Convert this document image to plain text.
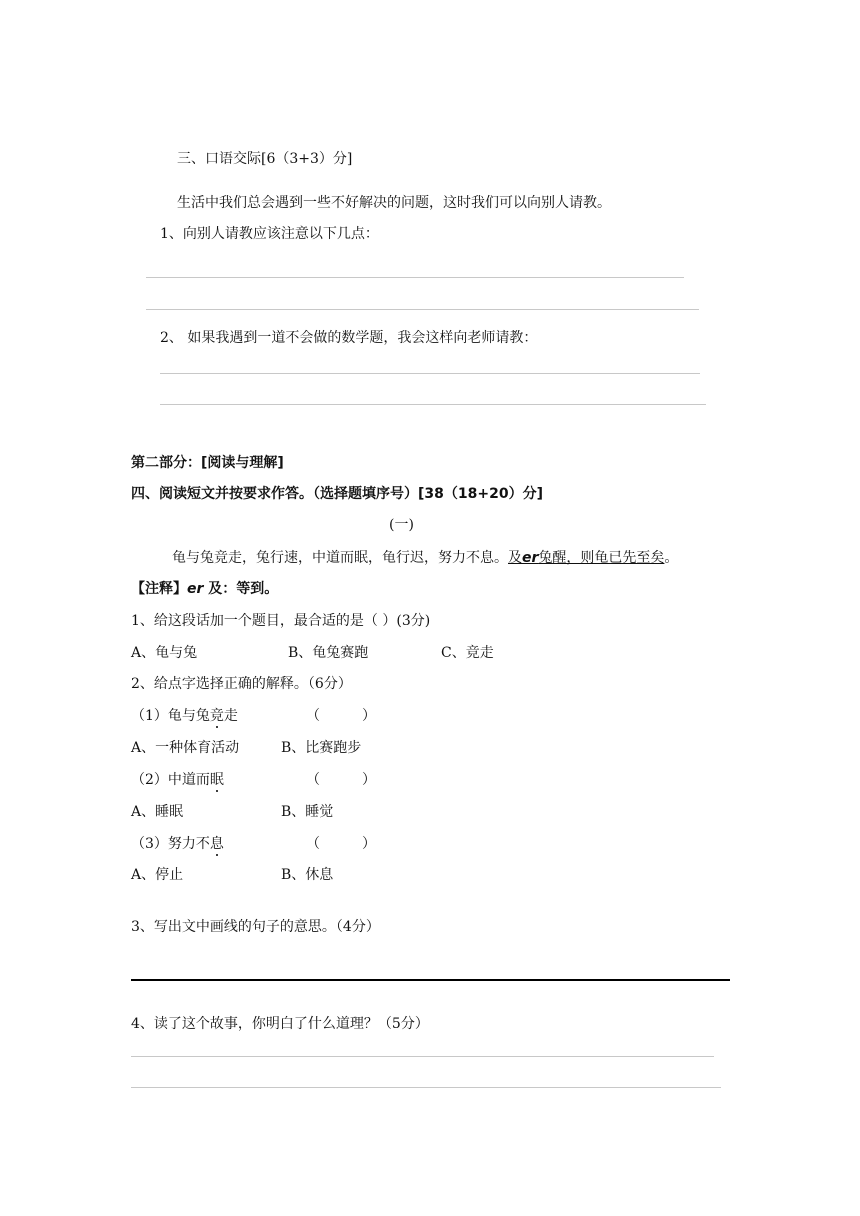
三、口语交际[6（3+3）分]
生活中我们总会遇到一些不好解决的问题，这时我们可以向别人请教。
1、向别人请教应该注意以下几点：
2、 如果我遇到一道不会做的数学题，我会这样向老师请教：
第二部分：[阅读与理解]
四、阅读短文并按要求作答。（选择题填序号）[38（18+20）分]
(一)
龟与兔竞走，兔行速，中道而眠，龟行迟，努力不息。及er兔醒，则龟已先至矣。
【注释】er 及：等到。
1、给这段话加一个题目，最合适的是（ ）(3分)
A、龟与兔	B、龟兔赛跑	C、竞走
2、给点字选择正确的解释。（6分）
（1）龟与兔竞走	（	）
A、一种体育活动	B、比赛跑步
（2）中道而眠	（	）
A、睡眠	B、睡觉
（3）努力不息	（	）
A、停止	B、休息
3、写出文中画线的句子的意思。（4分）
4、读了这个故事，你明白了什么道理？（5分）
